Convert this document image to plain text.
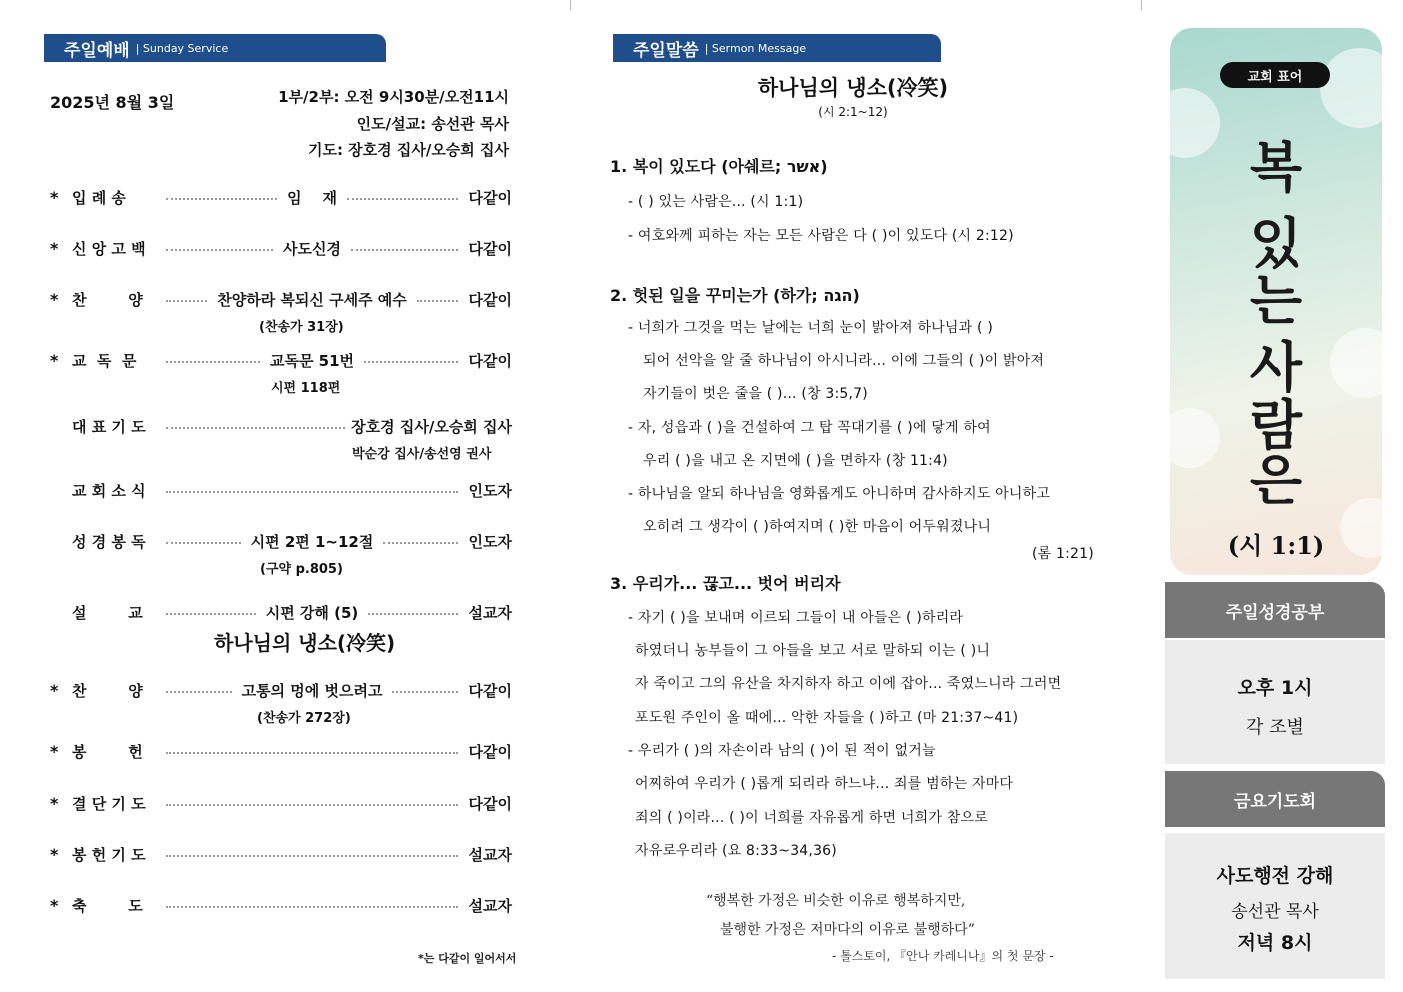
주일예배 | Sunday Service
2025년 8월 3일	1부/2부: 오전 9시30분/오전11시
인도/설교: 송선관 목사
기도: 장호경 집사/오승희 집사
* 입 례 송	임    재	다같이
* 신 앙 고 백	사도신경	다같이
* 찬        양	찬양하라 복되신 구세주 예수	다같이
(찬송가 31장)
* 교  독  문	교독문 51번	다같이
시편 118편
대 표 기 도	장호경 집사/오승희 집사
박순강 집사/송선영 권사
교 회 소 식	인도자
성 경 봉 독	시편 2편 1~12절	인도자
(구약 p.805)
설        교	시편 강해 (5)	설교자
* 찬        양	고통의 멍에 벗으려고	다같이
(찬송가 272장)
* 봉        헌	다같이
* 결 단 기 도	다같이
* 봉 헌 기 도	설교자
* 축        도	설교자
하나님의 냉소(冷笑)
*는 다같이 일어서서
주일말씀 | Sermon Message
하나님의 냉소(冷笑)
(시 2:1~12)
1. 복이 있도다 (아쉐르; אשר)
- ( ) 있는 사람은... (시 1:1)
- 여호와께 피하는 자는 모든 사람은 다 ( )이 있도다 (시 2:12)
2. 헛된 일을 꾸미는가 (하가; הגה)
- 너희가 그것을 먹는 날에는 너희 눈이 밝아져 하나님과 ( )
되어 선악을 알 줄 하나님이 아시니라... 이에 그들의 ( )이 밝아져
자기들이 벗은 줄을 ( )... (창 3:5,7)
- 자, 성읍과 ( )을 건설하여 그 탑 꼭대기를 ( )에 닿게 하여
우리 ( )을 내고 온 지면에 ( )을 면하자 (창 11:4)
- 하나님을 알되 하나님을 영화롭게도 아니하며 감사하지도 아니하고
오히려 그 생각이 ( )하여지며 ( )한 마음이 어두워졌나니
(롬 1:21)
3. 우리가... 끊고... 벗어 버리자
- 자기 ( )을 보내며 이르되 그들이 내 아들은 ( )하리라
하였더니 농부들이 그 아들을 보고 서로 말하되 이는 ( )니
자 죽이고 그의 유산을 차지하자 하고 이에 잡아... 죽였느니라 그러면
포도원 주인이 올 때에... 악한 자들을 ( )하고 (마 21:37~41)
- 우리가 ( )의 자손이라 남의 ( )이 된 적이 없거늘
어찌하여 우리가 ( )롭게 되리라 하느냐... 죄를 범하는 자마다
죄의 ( )이라... ( )이 너희를 자유롭게 하면 너희가 참으로
자유로우리라 (요 8:33~34,36)
“행복한 가정은 비슷한 이유로 행복하지만,
불행한 가정은 저마다의 이유로 불행하다”
- 톨스토이, 『안나 카레니나』의 첫 문장 -
교회 표어
복
있
는
사
람
은
(시 1:1)
주일성경공부
오후 1시
각 조별
금요기도회
사도행전 강해
송선관 목사
저녁 8시
